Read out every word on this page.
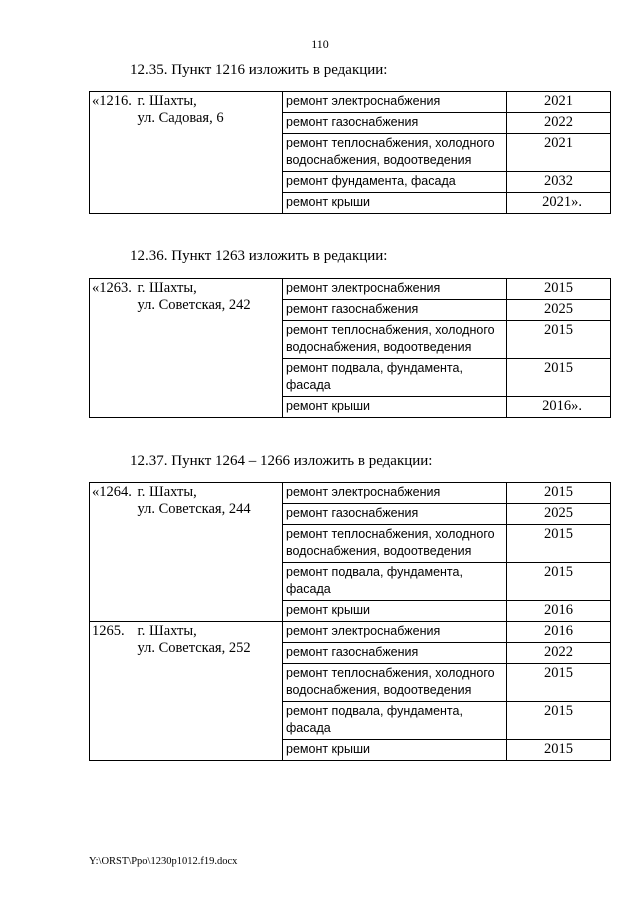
110
12.35. Пункт 1216 изложить в редакции:
«1216.	г. Шахты,
ул. Садовая, 6	ремонт электроснабжения	2021
		ремонт газоснабжения	2022
		ремонт теплоснабжения, холодного водоснабжения, водоотведения	2021
		ремонт фундамента, фасада	2032
		ремонт крыши	2021».
12.36. Пункт 1263 изложить в редакции:
«1263.	г. Шахты,
ул. Советская, 242	ремонт электроснабжения	2015
		ремонт газоснабжения	2025
		ремонт теплоснабжения, холодного водоснабжения, водоотведения	2015
		ремонт подвала, фундамента, фасада	2015
		ремонт крыши	2016».
12.37. Пункт 1264 – 1266 изложить в редакции:
«1264.	г. Шахты,
ул. Советская, 244	ремонт электроснабжения	2015
		ремонт газоснабжения	2025
		ремонт теплоснабжения, холодного водоснабжения, водоотведения	2015
		ремонт подвала, фундамента, фасада	2015
		ремонт крыши	2016
1265.	г. Шахты,
ул. Советская, 252	ремонт электроснабжения	2016
		ремонт газоснабжения	2022
		ремонт теплоснабжения, холодного водоснабжения, водоотведения	2015
		ремонт подвала, фундамента, фасада	2015
		ремонт крыши	2015
Y:\ORST\Ppo\1230p1012.f19.docx
